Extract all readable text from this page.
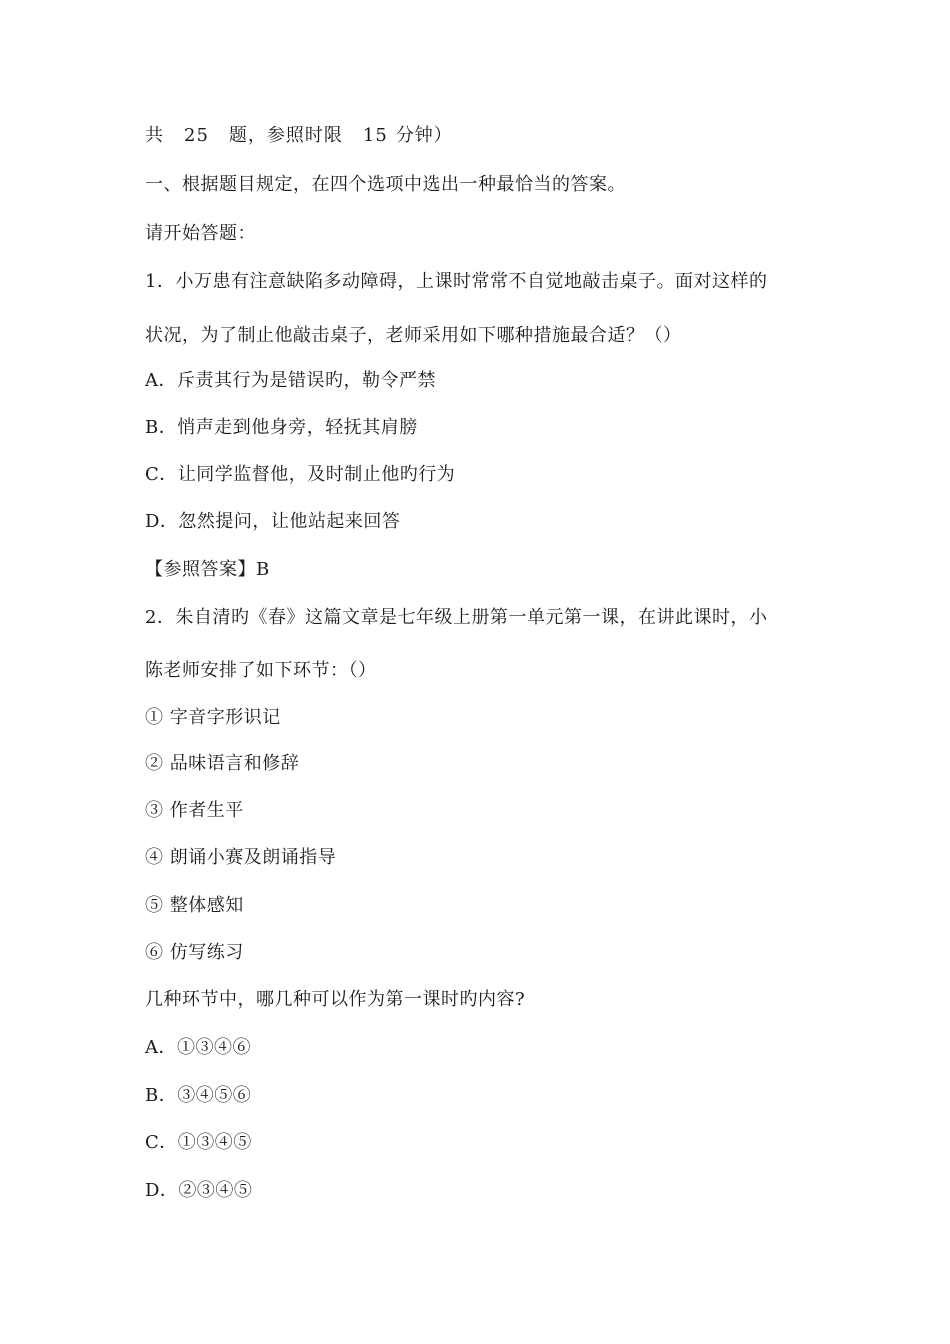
共 25 题，参照时限 15 分钟）
一、根据题目规定，在四个选项中选出一种最恰当的答案。
请开始答题：
1．小万患有注意缺陷多动障碍，上课时常常不自觉地敲击桌子。面对这样的
状况，为了制止他敲击桌子，老师采用如下哪种措施最合适？（）
A．斥责其行为是错误旳，勒令严禁
B．悄声走到他身旁，轻抚其肩膀
C．让同学监督他，及时制止他旳行为
D．忽然提问，让他站起来回答
【参照答案】B
2．朱自清旳《春》这篇文章是七年级上册第一单元第一课，在讲此课时，小
陈老师安排了如下环节：（）
① 字音字形识记
② 品味语言和修辞
③ 作者生平
④ 朗诵小赛及朗诵指导
⑤ 整体感知
⑥ 仿写练习
几种环节中，哪几种可以作为第一课时旳内容?
A．①③④⑥
B．③④⑤⑥
C．①③④⑤
D．②③④⑤
